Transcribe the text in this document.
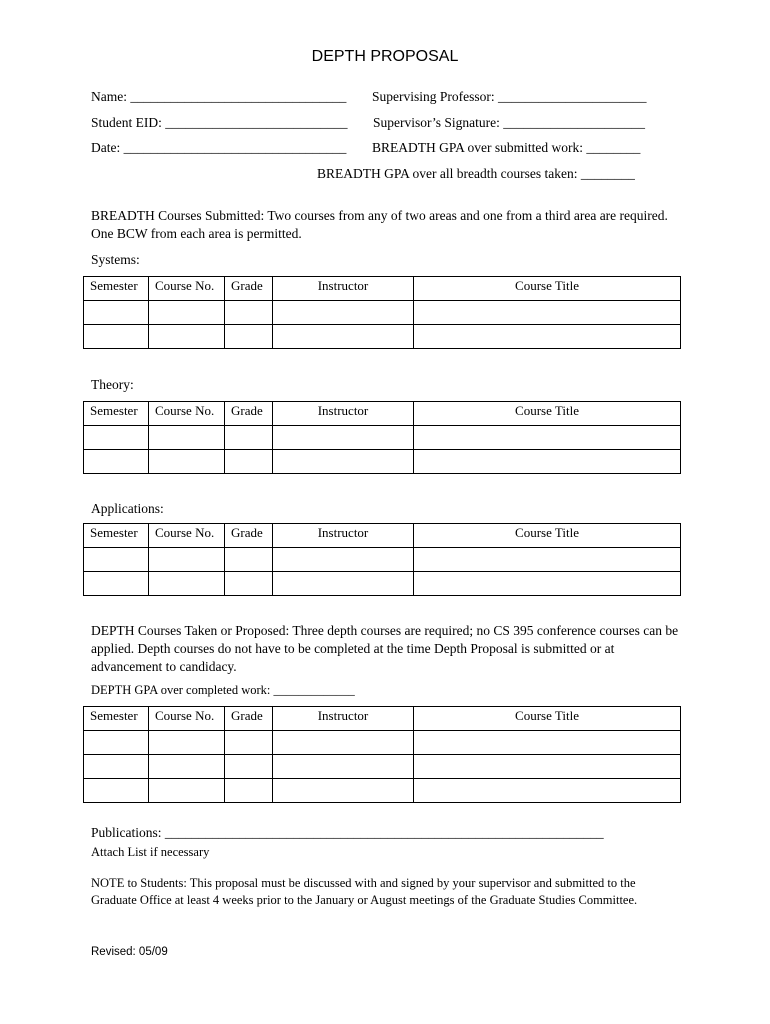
DEPTH PROPOSAL
Name: ________________________________ Supervising Professor: ______________________
Student EID: ___________________________ Supervisor’s Signature: _____________________
Date: _________________________________ BREADTH GPA over submitted work: ________
BREADTH GPA over all breadth courses taken: ________
BREADTH Courses Submitted: Two courses from any of two areas and one from a third area are required. One BCW from each area is permitted.
Systems:
Semester	Course No.	Grade	Instructor	Course Title

Theory:
Semester	Course No.	Grade	Instructor	Course Title

Applications:
Semester	Course No.	Grade	Instructor	Course Title

DEPTH Courses Taken or Proposed: Three depth courses are required; no CS 395 conference courses can be applied. Depth courses do not have to be completed at the time Depth Proposal is submitted or at advancement to candidacy.
DEPTH GPA over completed work: _____________
Semester	Course No.	Grade	Instructor	Course Title

Publications: _________________________________________________________________
Attach List if necessary
NOTE to Students: This proposal must be discussed with and signed by your supervisor and submitted to the Graduate Office at least 4 weeks prior to the January or August meetings of the Graduate Studies Committee.
Revised: 05/09
